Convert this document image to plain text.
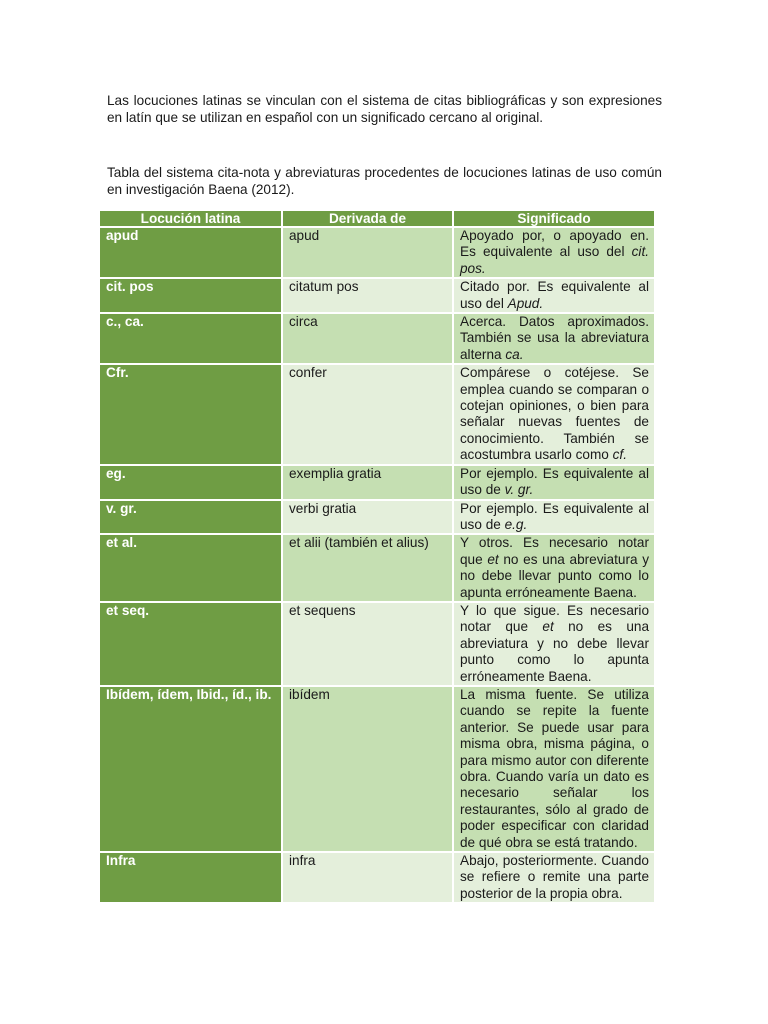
Las locuciones latinas se vinculan con el sistema de citas bibliográficas y son expresiones en latín que se utilizan en español con un significado cercano al original.

Tabla del sistema cita-nota y abreviaturas procedentes de locuciones latinas de uso común en investigación Baena (2012).

Locución latina	Derivada de	Significado
apud	apud	Apoyado por, o apoyado en. Es equivalente al uso del cit. pos.
cit. pos	citatum pos	Citado por. Es equivalente al uso del Apud.
c., ca.	circa	Acerca. Datos aproximados. También se usa la abreviatura alterna ca.
Cfr.	confer	Compárese o cotéjese. Se emplea cuando se comparan o cotejan opiniones, o bien para señalar nuevas fuentes de conocimiento. También se acostumbra usarlo como cf.
eg.	exemplia gratia	Por ejemplo. Es equivalente al uso de v. gr.
v. gr.	verbi gratia	Por ejemplo. Es equivalente al uso de e.g.
et al.	et alii (también et alius)	Y otros. Es necesario notar que et no es una abreviatura y no debe llevar punto como lo apunta erróneamente Baena.
et seq.	et sequens	Y lo que sigue. Es necesario notar que et no es una abreviatura y no debe llevar punto como lo apunta erróneamente Baena.
Ibídem, ídem, Ibid., íd., ib.	ibídem	La misma fuente. Se utiliza cuando se repite la fuente anterior. Se puede usar para misma obra, misma página, o para mismo autor con diferente obra. Cuando varía un dato es necesario señalar los restaurantes, sólo al grado de poder especificar con claridad de qué obra se está tratando.
Infra	infra	Abajo, posteriormente. Cuando se refiere o remite una parte posterior de la propia obra.
